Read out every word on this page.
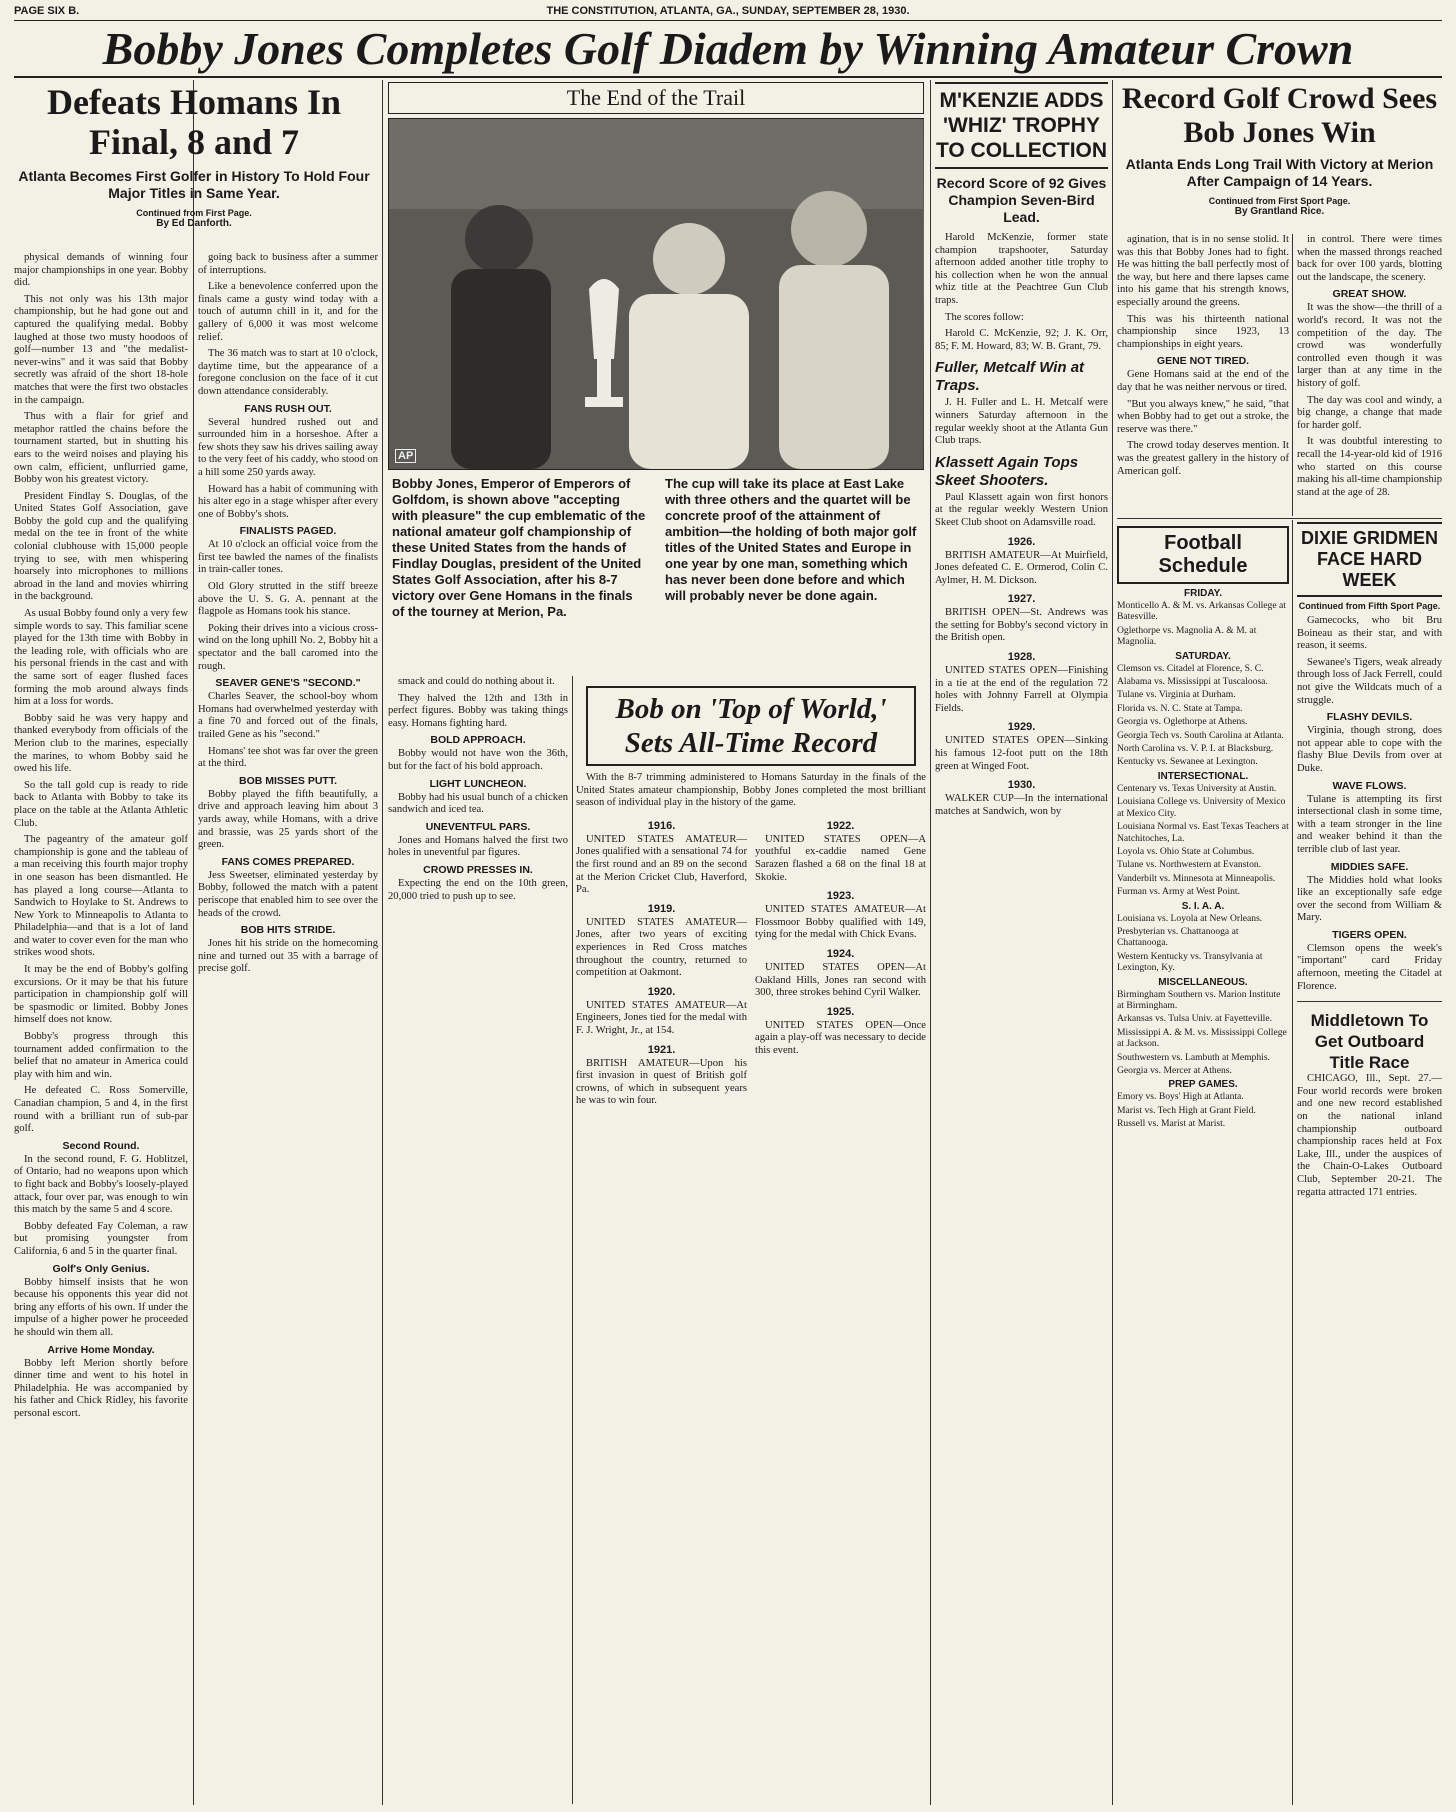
PAGE SIX B.	THE CONSTITUTION, ATLANTA, GA., SUNDAY, SEPTEMBER 28, 1930.
Bobby Jones Completes Golf Diadem by Winning Amateur Crown
Defeats Homans In Final, 8 and 7
Atlanta Becomes First Golfer in History To Hold Four Major Titles in Same Year.
Continued from First Page.
By Ed Danforth.

physical demands of winning four major championships in one year. Bobby did.

This not only was his 13th major championship, but he had gone out and captured the qualifying medal. Bobby laughed at those two musty hoodoos of golf—number 13 and "the medalist-never-wins" and it was said that Bobby secretly was afraid of the short 18-hole matches that were the first two obstacles in the campaign.

Thus with a flair for grief and metaphor rattled the chains before the tournament started, but in shutting his ears to the weird noises and playing his own calm, efficient, unflurried game, Bobby won his greatest victory.

President Findlay S. Douglas, of the United States Golf Association, gave Bobby the gold cup and the qualifying medal on the tee in front of the white colonial clubhouse with 15,000 people trying to see, with men whispering hoarsely into microphones to millions abroad in the land and movies whirring in the background.

As usual Bobby found only a very few simple words to say. This familiar scene played for the 13th time with Bobby in the leading role, with officials who are his personal friends in the cast and with the same sort of eager flushed faces forming the mob around always finds him at a loss for words.

Bobby said he was very happy and thanked everybody from officials of the Merion club to the marines, especially the marines, to whom Bobby said he owed his life.

So the tall gold cup is ready to ride back to Atlanta with Bobby to take its place on the table at the Atlanta Athletic Club.

The pageantry of the amateur golf championship is gone and the tableau of a man receiving this fourth major trophy in one season has been dismantled. He has played a long course—Atlanta to Sandwich to Hoylake to St. Andrews to New York to Minneapolis to Atlanta to Philadelphia—and that is a lot of land and water to cover even for the man who strikes wood shots.

It may be the end of Bobby's golfing excursions. Or it may be that his future participation in championship golf will be spasmodic or limited. Bobby Jones himself does not know.

Bobby's progress through this tournament added confirmation to the belief that no amateur in America could play with him and win.

He defeated C. Ross Somerville, Canadian champion, 5 and 4, in the first round with a brilliant run of sub-par golf.

Second Round.

In the second round, F. G. Hoblitzel, of Ontario, had no weapons upon which to fight back and Bobby's loosely-played attack, four over par, was enough to win this match by the same 5 and 4 score.

Bobby defeated Fay Coleman, a raw but promising youngster from California, 6 and 5 in the quarter final.

Golf's Only Genius.

Bobby himself insists that he won because his opponents this year did not bring any efforts of his own. If under the impulse of a higher power he proceeded he should win them all.

Arrive Home Monday.

Bobby left Merion shortly before dinner time and went to his hotel in Philadelphia. He was accompanied by his father and Chick Ridley, his favorite personal escort.

going back to business after a summer of interruptions.

Like a benevolence conferred upon the finals came a gusty wind today with a touch of autumn chill in it, and for the gallery of 6,000 it was most welcome relief.

The 36 match was to start at 10 o'clock, daytime time, but the appearance of a foregone conclusion on the face of it cut down attendance considerably.

FANS RUSH OUT.

Several hundred rushed out and surrounded him in a horseshoe. After a few shots they saw his drives sailing away to the very feet of his caddy, who stood on a hill some 250 yards away.

Howard has a habit of communing with his alter ego in a stage whisper after every one of Bobby's shots.

FINALISTS PAGED.

At 10 o'clock an official voice from the first tee bawled the names of the finalists in train-caller tones.

Old Glory strutted in the stiff breeze above the U. S. G. A. pennant at the flagpole as Homans took his stance.

Poking their drives into a vicious cross-wind on the long uphill No. 2, Bobby hit a spectator and the ball caromed into the rough.

SEAVER GENE'S "SECOND."

Charles Seaver, the school-boy whom Homans had overwhelmed yesterday with a fine 70 and forced out of the finals, trailed Gene as his "second."

Homans' tee shot was far over the green at the third.

BOB MISSES PUTT.

Bobby played the fifth beautifully, a drive and approach leaving him about 3 yards away, while Homans, with a drive and brassie, was 25 yards short of the green.

FANS COMES PREPARED.

Jess Sweetser, eliminated yesterday by Bobby, followed the match with a patent periscope that enabled him to see over the heads of the crowd.

BOB HITS STRIDE.

Jones hit his stride on the homecoming nine and turned out 35 with a barrage of precise golf.

The End of the Trail
AP

Bobby Jones, Emperor of Emperors of Golfdom, is shown above "accepting with pleasure" the cup emblematic of the national amateur golf championship of these United States from the hands of Findlay Douglas, president of the United States Golf Association, after his 8-7 victory over Gene Homans in the finals of the tourney at Merion, Pa.

The cup will take its place at East Lake with three others and the quartet will be concrete proof of the attainment of ambition—the holding of both major golf titles of the United States and Europe in one year by one man, something which has never been done before and which will probably never be done again.

smack and could do nothing about it.

They halved the 12th and 13th in perfect figures. Bobby was taking things easy. Homans fighting hard.

BOLD APPROACH.

Bobby would not have won the 36th, but for the fact of his bold approach.

LIGHT LUNCHEON.

Bobby had his usual bunch of a chicken sandwich and iced tea.

UNEVENTFUL PARS.

Jones and Homans halved the first two holes in uneventful par figures.

CROWD PRESSES IN.

Expecting the end on the 10th green, 20,000 tried to push up to see.

Bob on 'Top of World,' Sets All-Time Record

With the 8-7 trimming administered to Homans Saturday in the finals of the United States amateur championship, Bobby Jones completed the most brilliant season of individual play in the history of the game.

1916.

UNITED STATES AMATEUR—Jones qualified with a sensational 74 for the first round and an 89 on the second at the Merion Cricket Club, Haverford, Pa.

1919.

UNITED STATES AMATEUR—Jones, after two years of exciting experiences in Red Cross matches throughout the country, returned to competition at Oakmont.

1920.

UNITED STATES AMATEUR—At Engineers, Jones tied for the medal with F. J. Wright, Jr., at 154.

1921.

BRITISH AMATEUR—Upon his first invasion in quest of British golf crowns, of which in subsequent years he was to win four.

1922.

UNITED STATES OPEN—A youthful ex-caddie named Gene Sarazen flashed a 68 on the final 18 at Skokie.

1923.

UNITED STATES AMATEUR—At Flossmoor Bobby qualified with 149, tying for the medal with Chick Evans.

1924.

UNITED STATES OPEN—At Oakland Hills, Jones ran second with 300, three strokes behind Cyril Walker.

1925.

UNITED STATES OPEN—Once again a play-off was necessary to decide this event.

M'KENZIE ADDS 'WHIZ' TROPHY TO COLLECTION
Record Score of 92 Gives Champion Seven-Bird Lead.

Harold McKenzie, former state champion trapshooter, Saturday afternoon added another title trophy to his collection when he won the annual whiz title at the Peachtree Gun Club traps.

The scores follow:

Harold C. McKenzie, 92; J. K. Orr, 85; F. M. Howard, 83; W. B. Grant, 79.

Fuller, Metcalf Win at Traps.

J. H. Fuller and L. H. Metcalf were winners Saturday afternoon in the regular weekly shoot at the Atlanta Gun Club traps.

Klassett Again Tops Skeet Shooters.

Paul Klassett again won first honors at the regular weekly Western Union Skeet Club shoot on Adamsville road.

1926.

BRITISH AMATEUR—At Muirfield, Jones defeated C. E. Ormerod, Colin C. Aylmer, H. M. Dickson.

1927.

BRITISH OPEN—St. Andrews was the setting for Bobby's second victory in the British open.

1928.

UNITED STATES OPEN—Finishing in a tie at the end of the regulation 72 holes with Johnny Farrell at Olympia Fields.

1929.

UNITED STATES OPEN—Sinking his famous 12-foot putt on the 18th green at Winged Foot.

1930.

WALKER CUP—In the international matches at Sandwich, won by

Record Golf Crowd Sees Bob Jones Win
Atlanta Ends Long Trail With Victory at Merion After Campaign of 14 Years.
Continued from First Sport Page.
By Grantland Rice.

agination, that is in no sense stolid. It was this that Bobby Jones had to fight. He was hitting the ball perfectly most of the way, but here and there lapses came into his game that his strength knows, especially around the greens.

This was his thirteenth national championship since 1923, 13 championships in eight years.

GENE NOT TIRED.

Gene Homans said at the end of the day that he was neither nervous or tired.

"But you always knew," he said, "that when Bobby had to get out a stroke, the reserve was there."

The crowd today deserves mention. It was the greatest gallery in the history of American golf.

in control. There were times when the massed throngs reached back for over 100 yards, blotting out the landscape, the scenery.

GREAT SHOW.

It was the show—the thrill of a world's record. It was not the competition of the day. The crowd was wonderfully controlled even though it was larger than at any time in the history of golf.

The day was cool and windy, a big change, a change that made for harder golf.

It was doubtful interesting to recall the 14-year-old kid of 1916 who started on this course making his all-time championship stand at the age of 28.

Football Schedule
FRIDAY.

Monticello A. & M. vs. Arkansas College at Batesville.

Oglethorpe vs. Magnolia A. & M. at Magnolia.

SATURDAY.

Clemson vs. Citadel at Florence, S. C.

Alabama vs. Mississippi at Tuscaloosa.

Tulane vs. Virginia at Durham.

Florida vs. N. C. State at Tampa.

Georgia vs. Oglethorpe at Athens.

Georgia Tech vs. South Carolina at Atlanta.

North Carolina vs. V. P. I. at Blacksburg.

Kentucky vs. Sewanee at Lexington.

INTERSECTIONAL.

Centenary vs. Texas University at Austin.

Louisiana College vs. University of Mexico at Mexico City.

Louisiana Normal vs. East Texas Teachers at Natchitoches, La.

Loyola vs. Ohio State at Columbus.

Tulane vs. Northwestern at Evanston.

Vanderbilt vs. Minnesota at Minneapolis.

Furman vs. Army at West Point.

S. I. A. A.

Louisiana vs. Loyola at New Orleans.

Presbyterian vs. Chattanooga at Chattanooga.

Western Kentucky vs. Transylvania at Lexington, Ky.

MISCELLANEOUS.

Birmingham Southern vs. Marion Institute at Birmingham.

Arkansas vs. Tulsa Univ. at Fayetteville.

Mississippi A. & M. vs. Mississippi College at Jackson.

Southwestern vs. Lambuth at Memphis.

Georgia vs. Mercer at Athens.

PREP GAMES.

Emory vs. Boys' High at Atlanta.

Marist vs. Tech High at Grant Field.

Russell vs. Marist at Marist.

DIXIE GRIDMEN FACE HARD WEEK
Continued from Fifth Sport Page.

Gamecocks, who bit Bru Boineau as their star, and with reason, it seems.

Sewanee's Tigers, weak already through loss of Jack Ferrell, could not give the Wildcats much of a struggle.

FLASHY DEVILS.

Virginia, though strong, does not appear able to cope with the flashy Blue Devils from over at Duke.

WAVE FLOWS.

Tulane is attempting its first intersectional clash in some time, with a team stronger in the line and weaker behind it than the terrible club of last year.

MIDDIES SAFE.

The Middies hold what looks like an exceptionally safe edge over the second from William & Mary.

TIGERS OPEN.

Clemson opens the week's "important" card Friday afternoon, meeting the Citadel at Florence.

Middletown To Get Outboard Title Race

CHICAGO, Ill., Sept. 27.—Four world records were broken and one new record established on the national inland championship outboard championship races held at Fox Lake, Ill., under the auspices of the Chain-O-Lakes Outboard Club, September 20-21. The regatta attracted 171 entries.
